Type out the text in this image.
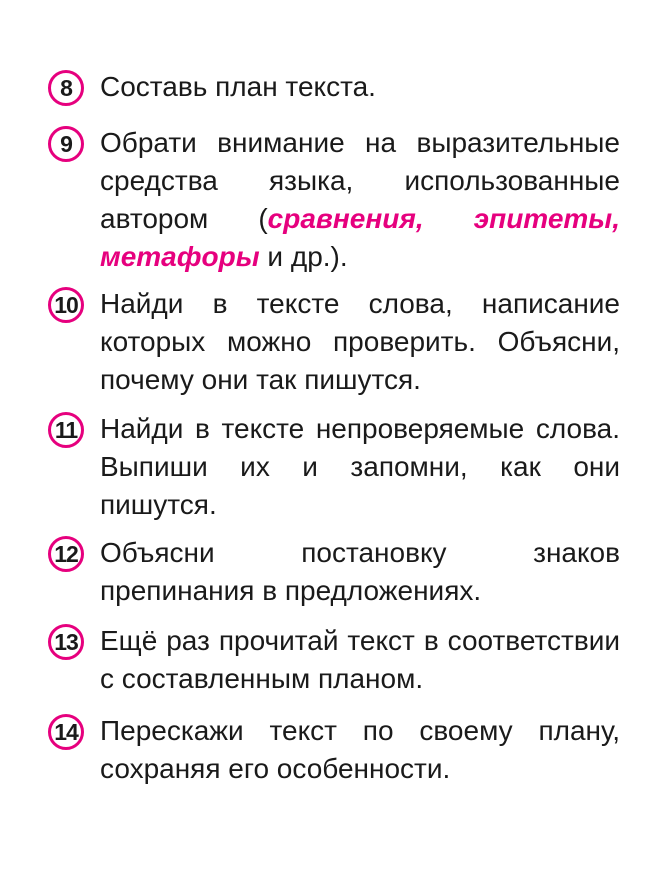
8	Составь план текста.

9	Обрати внимание на выразительные средства языка, использованные автором (сравнения, эпитеты, метафоры и др.).

10 Найди в тексте слова, написание которых можно проверить. Объясни, почему они так пишутся.

11 Найди в тексте непроверяемые слова. Выпиши их и запомни, как они пишутся.

12 Объясни постановку знаков препинания в предложениях.

13 Ещё раз прочитай текст в соответствии с составленным планом.

14 Перескажи текст по своему плану, сохраняя его особенности.
